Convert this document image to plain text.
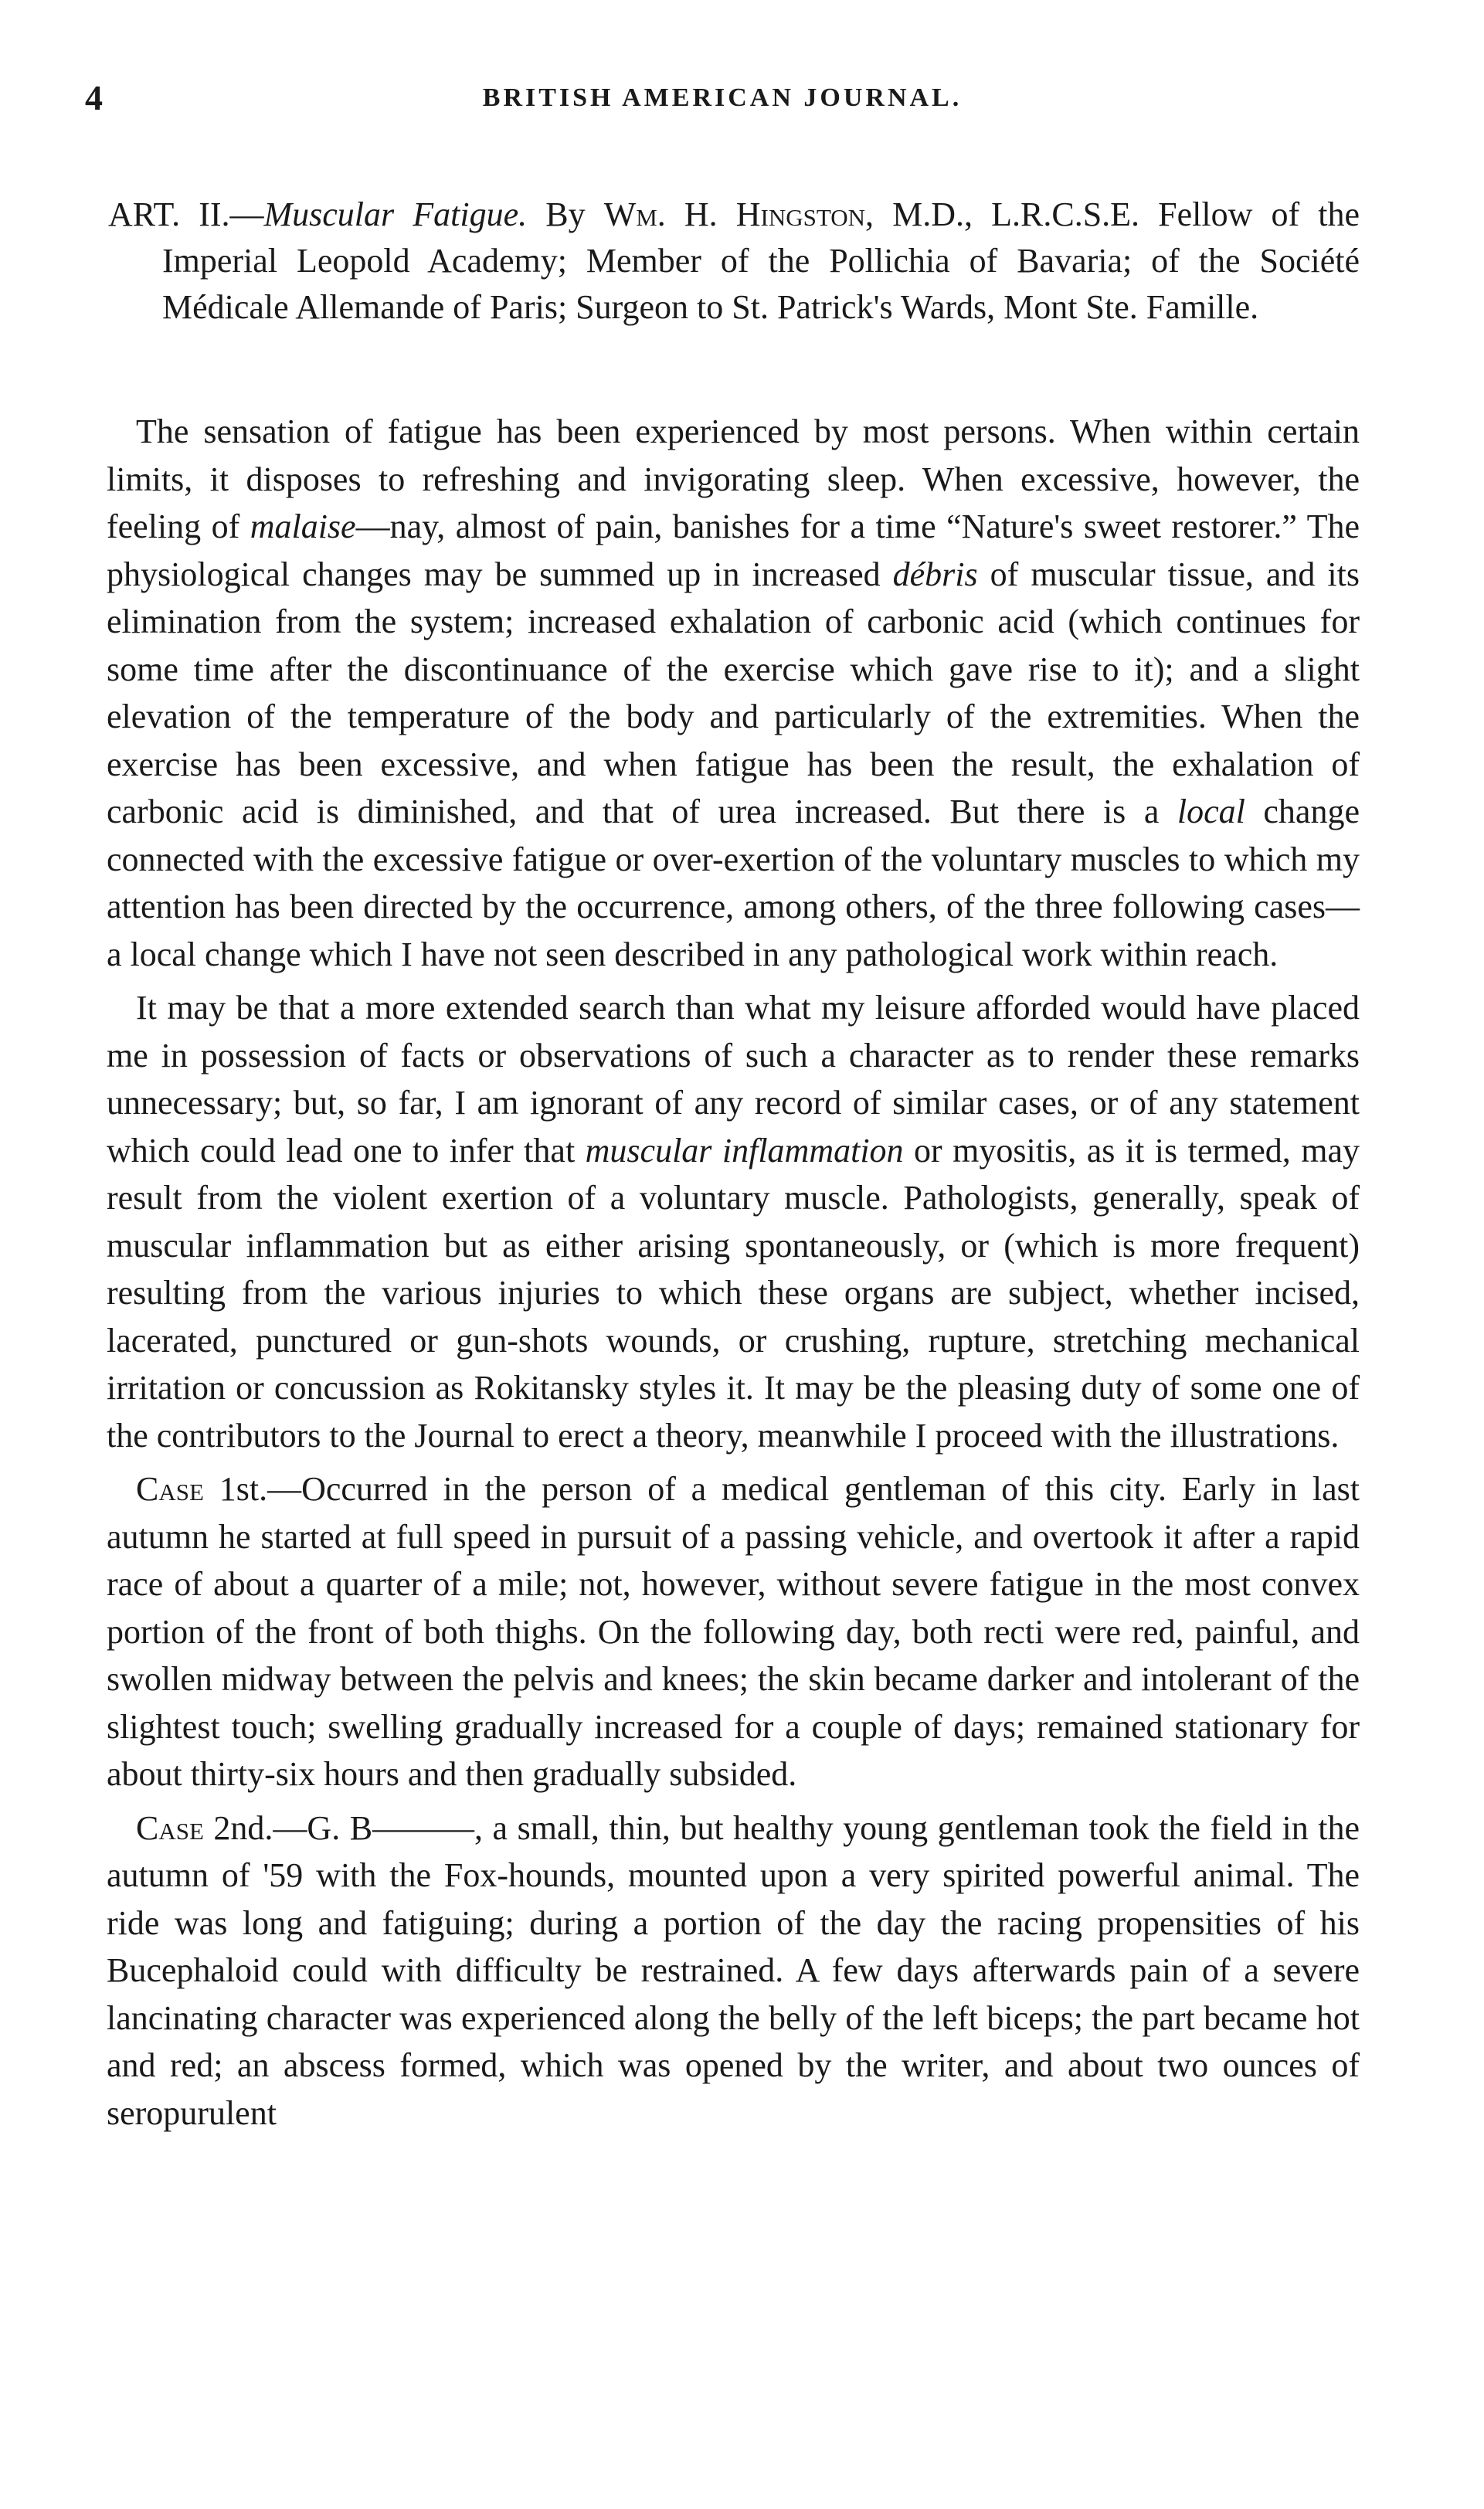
4	BRITISH AMERICAN JOURNAL.

ART. II.—Muscular Fatigue. By Wm. H. Hingston, M.D., L.R.C.S.E. Fellow of the Imperial Leopold Academy; Member of the Pollichia of Bavaria; of the Société Médicale Allemande of Paris; Surgeon to St. Patrick's Wards, Mont Ste. Famille.

The sensation of fatigue has been experienced by most persons. When within certain limits, it disposes to refreshing and invigorating sleep. When excessive, however, the feeling of malaise—nay, almost of pain, banishes for a time “Nature's sweet restorer.” The physiological changes may be summed up in increased débris of muscular tissue, and its elimination from the system; increased exhalation of carbonic acid (which continues for some time after the discontinuance of the exercise which gave rise to it); and a slight elevation of the temperature of the body and particularly of the extremities. When the exercise has been excessive, and when fatigue has been the result, the exhalation of carbonic acid is diminished, and that of urea increased. But there is a local change connected with the excessive fatigue or over-exertion of the voluntary muscles to which my attention has been directed by the occurrence, among others, of the three following cases—a local change which I have not seen described in any pathological work within reach.

It may be that a more extended search than what my leisure afforded would have placed me in possession of facts or observations of such a character as to render these remarks unnecessary; but, so far, I am ignorant of any record of similar cases, or of any statement which could lead one to infer that muscular inflammation or myositis, as it is termed, may result from the violent exertion of a voluntary muscle. Pathologists, generally, speak of muscular inflammation but as either arising spontaneously, or (which is more frequent) resulting from the various injuries to which these organs are subject, whether incised, lacerated, punctured or gun-shots wounds, or crushing, rupture, stretching mechanical irritation or concussion as Rokitansky styles it. It may be the pleasing duty of some one of the contributors to the Journal to erect a theory, meanwhile I proceed with the illustrations.

Case 1st.—Occurred in the person of a medical gentleman of this city. Early in last autumn he started at full speed in pursuit of a passing vehicle, and overtook it after a rapid race of about a quarter of a mile; not, however, without severe fatigue in the most convex portion of the front of both thighs. On the following day, both recti were red, painful, and swollen midway between the pelvis and knees; the skin became darker and intolerant of the slightest touch; swelling gradually increased for a couple of days; remained stationary for about thirty-six hours and then gradually subsided.

Case 2nd.—G. B———, a small, thin, but healthy young gentleman took the field in the autumn of '59 with the Fox-hounds, mounted upon a very spirited powerful animal. The ride was long and fatiguing; during a portion of the day the racing propensities of his Bucephaloid could with difficulty be restrained. A few days afterwards pain of a severe lancinating character was experienced along the belly of the left biceps; the part became hot and red; an abscess formed, which was opened by the writer, and about two ounces of seropurulent
